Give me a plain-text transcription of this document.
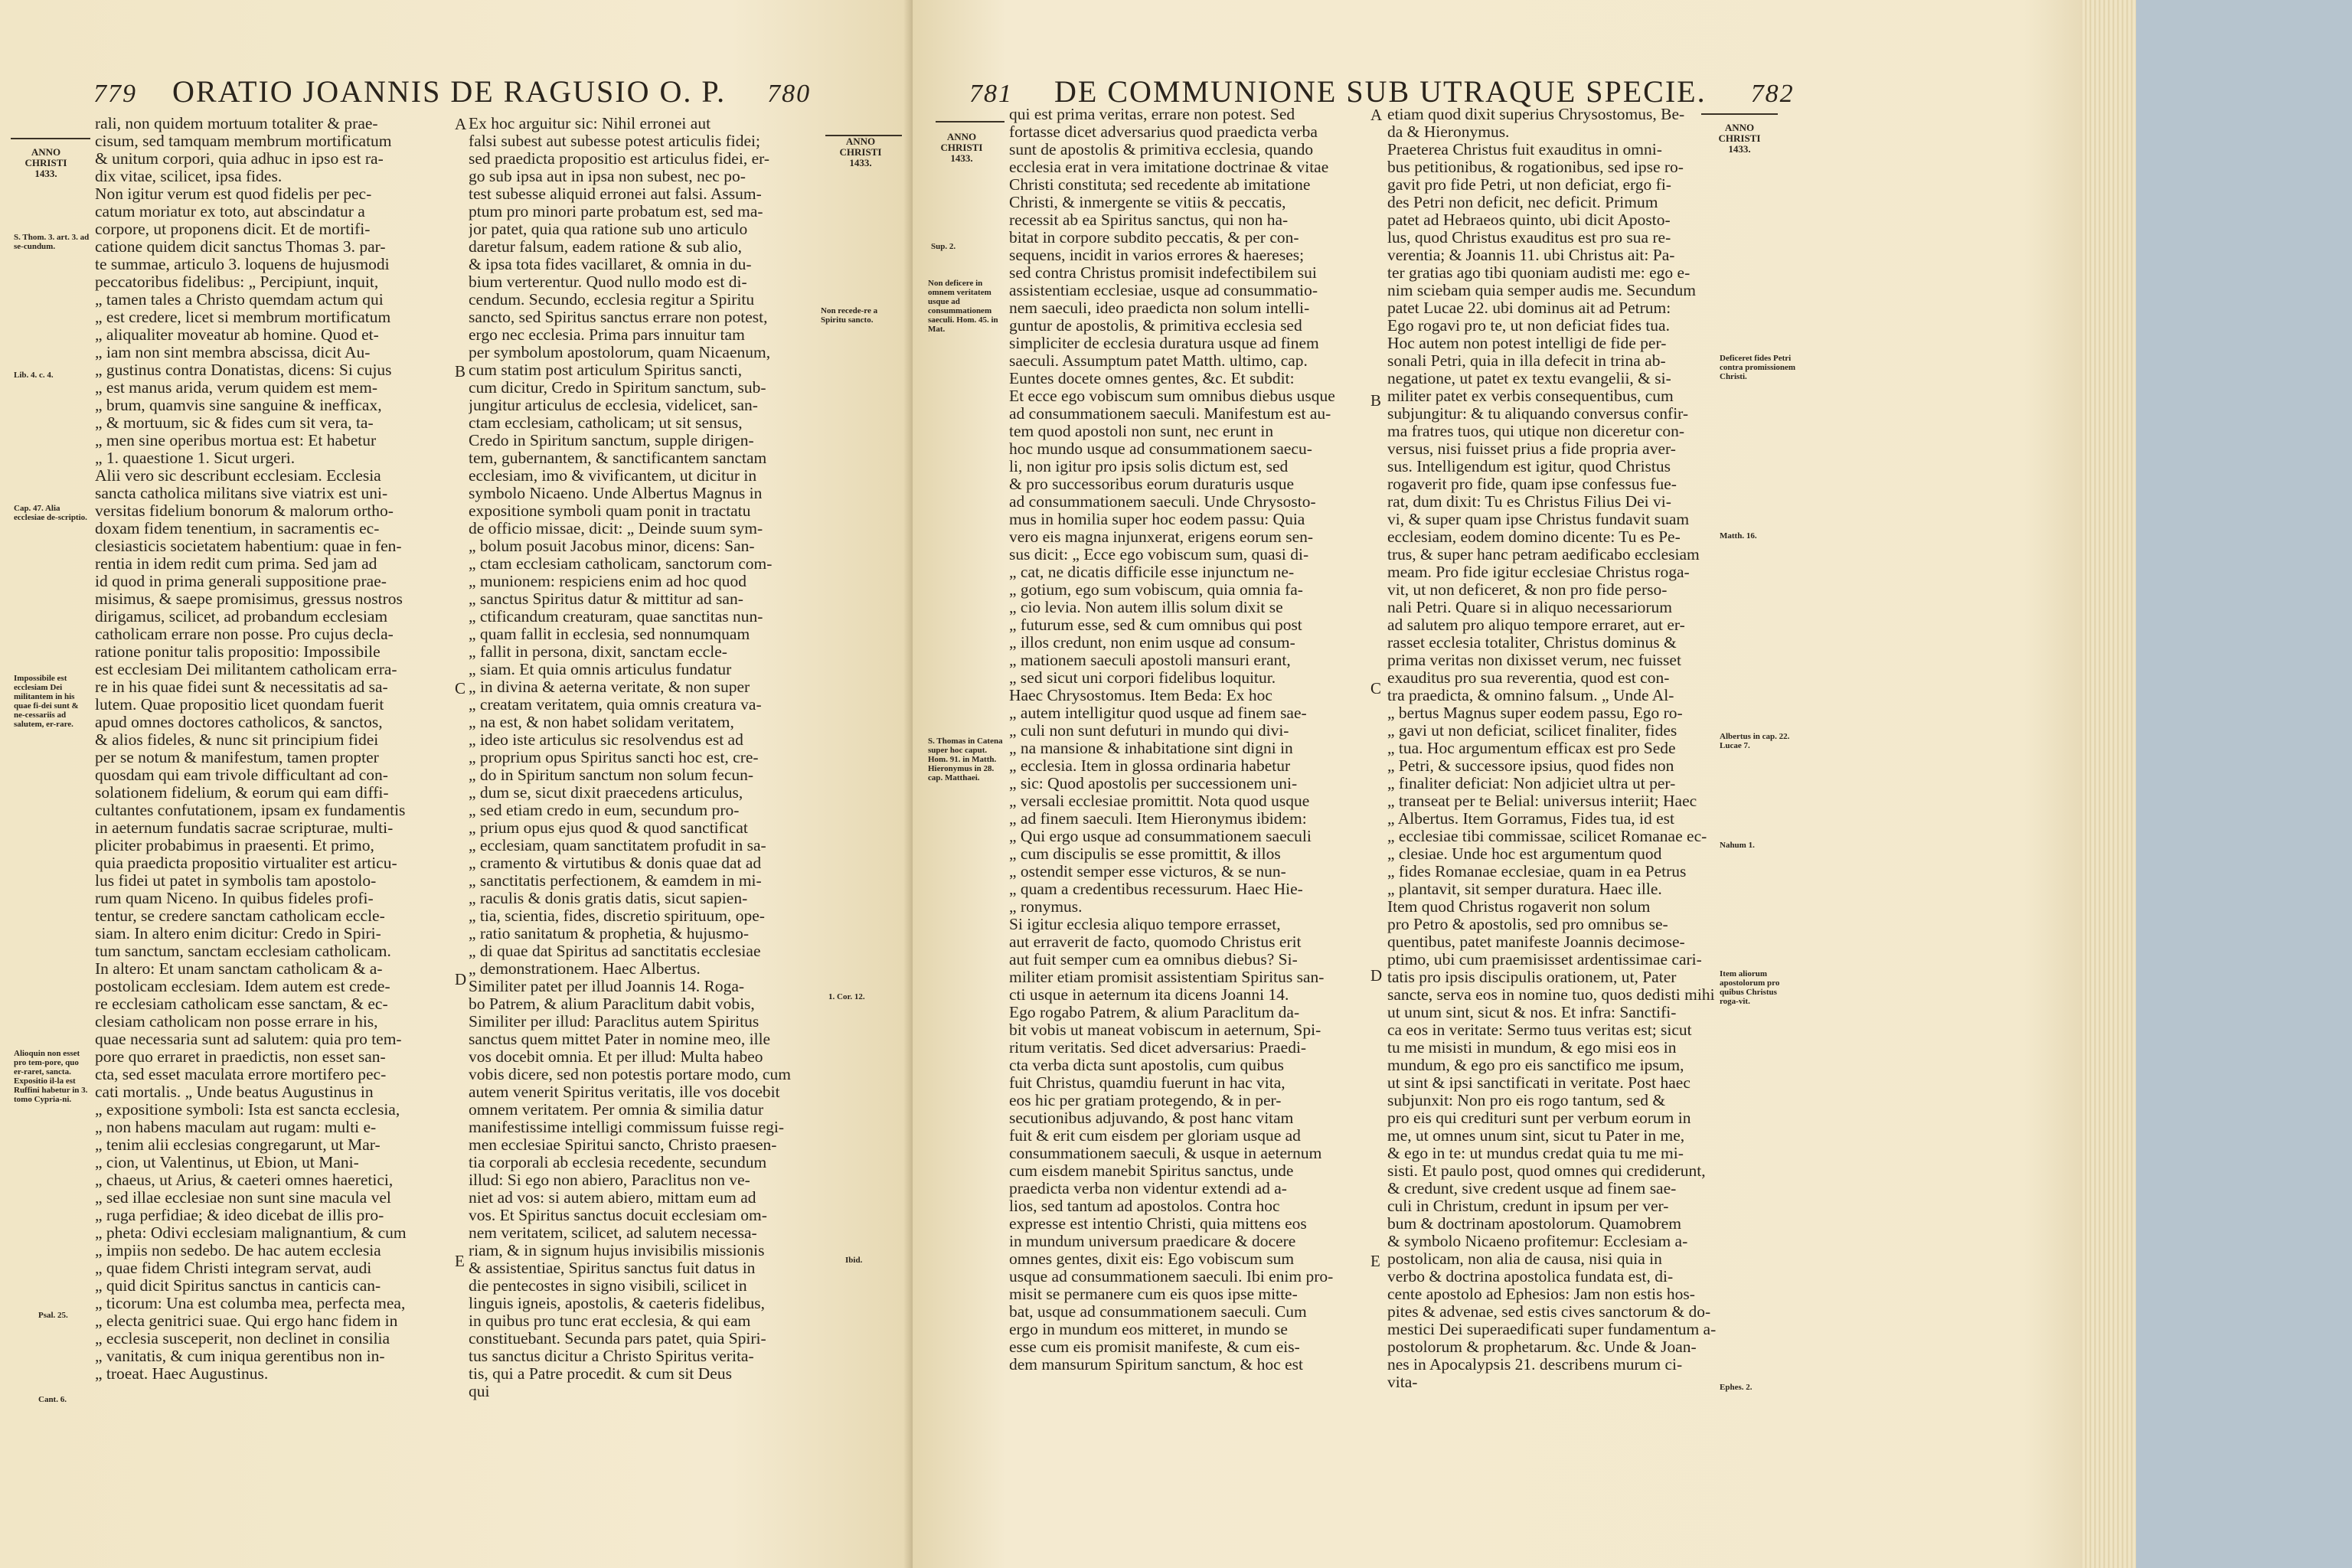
779 ORATIO JOANNIS DE RAGUSIO O. P. 780
ANNO CHRISTI 1433.
ANNO CHRISTI 1433.
S. Thom. 3. art. 3. ad se-cundum.
Lib. 4. c. 4.
Cap. 47. Alia ecclesiae de-scriptio.
Impossibile est ecclesiam Dei militantem in his quae fi-dei sunt & ne-cessariis ad salutem, er-rare.
Alioquin non esset pro tem-pore, quo er-raret, sancta. Expositio il-la est Ruffini habetur in 3. tomo Cypria-ni.
Psal. 25.
Cant. 6.
Non recede-re a Spiritu sancto.
1. Cor. 12.
Ibid.
rali, non quidem mortuum totaliter & prae-
cisum, sed tamquam membrum mortificatum
& unitum corpori, quia adhuc in ipso est ra-
dix vitae, scilicet, ipsa fides.
Non igitur verum est quod fidelis per pec-
catum moriatur ex toto, aut abscindatur a
corpore, ut proponens dicit. Et de mortifi-
catione quidem dicit sanctus Thomas 3. par-
te summae, articulo 3. loquens de hujusmodi
peccatoribus fidelibus: „ Percipiunt, inquit,
„ tamen tales a Christo quemdam actum qui
„ est credere, licet si membrum mortificatum
„ aliqualiter moveatur ab homine. Quod et-
„ iam non sint membra abscissa, dicit Au-
„ gustinus contra Donatistas, dicens: Si cujus
„ est manus arida, verum quidem est mem-
„ brum, quamvis sine sanguine & inefficax,
„ & mortuum, sic & fides cum sit vera, ta-
„ men sine operibus mortua est: Et habetur
„ 1. quaestione 1. Sicut urgeri.
Alii vero sic describunt ecclesiam. Ecclesia
sancta catholica militans sive viatrix est uni-
versitas fidelium bonorum & malorum ortho-
doxam fidem tenentium, in sacramentis ec-
clesiasticis societatem habentium: quae in fen-
rentia in idem redit cum prima. Sed jam ad
id quod in prima generali suppositione prae-
misimus, & saepe promisimus, gressus nostros
dirigamus, scilicet, ad probandum ecclesiam
catholicam errare non posse. Pro cujus decla-
ratione ponitur talis propositio: Impossibile
est ecclesiam Dei militantem catholicam erra-
re in his quae fidei sunt & necessitatis ad sa-
lutem. Quae propositio licet quondam fuerit
apud omnes doctores catholicos, & sanctos,
& alios fideles, & nunc sit principium fidei
per se notum & manifestum, tamen propter
quosdam qui eam trivole difficultant ad con-
solationem fidelium, & eorum qui eam diffi-
cultantes confutationem, ipsam ex fundamentis
in aeternum fundatis sacrae scripturae, multi-
pliciter probabimus in praesenti. Et primo,
quia praedicta propositio virtualiter est articu-
lus fidei ut patet in symbolis tam apostolo-
rum quam Niceno. In quibus fideles profi-
tentur, se credere sanctam catholicam eccle-
siam. In altero enim dicitur: Credo in Spiri-
tum sanctum, sanctam ecclesiam catholicam.
In altero: Et unam sanctam catholicam & a-
postolicam ecclesiam. Idem autem est crede-
re ecclesiam catholicam esse sanctam, & ec-
clesiam catholicam non posse errare in his,
quae necessaria sunt ad salutem: quia pro tem-
pore quo erraret in praedictis, non esset san-
cta, sed esset maculata errore mortifero pec-
cati mortalis. „ Unde beatus Augustinus in
„ expositione symboli: Ista est sancta ecclesia,
„ non habens maculam aut rugam: multi e-
„ tenim alii ecclesias congregarunt, ut Mar-
„ cion, ut Valentinus, ut Ebion, ut Mani-
„ chaeus, ut Arius, & caeteri omnes haeretici,
„ sed illae ecclesiae non sunt sine macula vel
„ ruga perfidiae; & ideo dicebat de illis pro-
„ pheta: Odivi ecclesiam malignantium, & cum
„ impiis non sedebo. De hac autem ecclesia
„ quae fidem Christi integram servat, audi
„ quid dicit Spiritus sanctus in canticis can-
„ ticorum: Una est columba mea, perfecta mea,
„ electa genitrici suae. Qui ergo hanc fidem in
„ ecclesia susceperit, non declinet in consilia
„ vanitatis, & cum iniqua gerentibus non in-
„ troeat. Haec Augustinus.
Ex hoc arguitur sic: Nihil erronei aut
falsi subest aut subesse potest articulis fidei;
sed praedicta propositio est articulus fidei, er-
go sub ipsa aut in ipsa non subest, nec po-
test subesse aliquid erronei aut falsi. Assum-
ptum pro minori parte probatum est, sed ma-
jor patet, quia qua ratione sub uno articulo
daretur falsum, eadem ratione & sub alio,
& ipsa tota fides vacillaret, & omnia in du-
bium verterentur. Quod nullo modo est di-
cendum. Secundo, ecclesia regitur a Spiritu
sancto, sed Spiritus sanctus errare non potest,
ergo nec ecclesia. Prima pars innuitur tam
per symbolum apostolorum, quam Nicaenum,
cum statim post articulum Spiritus sancti,
cum dicitur, Credo in Spiritum sanctum, sub-
jungitur articulus de ecclesia, videlicet, san-
ctam ecclesiam, catholicam; ut sit sensus,
Credo in Spiritum sanctum, supple dirigen-
tem, gubernantem, & sanctificantem sanctam
ecclesiam, imo & vivificantem, ut dicitur in
symbolo Nicaeno. Unde Albertus Magnus in
expositione symboli quam ponit in tractatu
de officio missae, dicit: „ Deinde suum sym-
„ bolum posuit Jacobus minor, dicens: San-
„ ctam ecclesiam catholicam, sanctorum com-
„ munionem: respiciens enim ad hoc quod
„ sanctus Spiritus datur & mittitur ad san-
„ ctificandum creaturam, quae sanctitas nun-
„ quam fallit in ecclesia, sed nonnumquam
„ fallit in persona, dixit, sanctam eccle-
„ siam. Et quia omnis articulus fundatur
„ in divina & aeterna veritate, & non super
„ creatam veritatem, quia omnis creatura va-
„ na est, & non habet solidam veritatem,
„ ideo iste articulus sic resolvendus est ad
„ proprium opus Spiritus sancti hoc est, cre-
„ do in Spiritum sanctum non solum fecun-
„ dum se, sicut dixit praecedens articulus,
„ sed etiam credo in eum, secundum pro-
„ prium opus ejus quod & quod sanctificat
„ ecclesiam, quam sanctitatem profudit in sa-
„ cramento & virtutibus & donis quae dat ad
„ sanctitatis perfectionem, & eamdem in mi-
„ raculis & donis gratis datis, sicut sapien-
„ tia, scientia, fides, discretio spirituum, ope-
„ ratio sanitatum & prophetia, & hujusmo-
„ di quae dat Spiritus ad sanctitatis ecclesiae
„ demonstrationem. Haec Albertus.
Similiter patet per illud Joannis 14. Roga-
bo Patrem, & alium Paraclitum dabit vobis,
Similiter per illud: Paraclitus autem Spiritus
sanctus quem mittet Pater in nomine meo, ille
vos docebit omnia. Et per illud: Multa habeo
vobis dicere, sed non potestis portare modo, cum
autem venerit Spiritus veritatis, ille vos docebit
omnem veritatem. Per omnia & similia datur
manifestissime intelligi commissum fuisse regi-
men ecclesiae Spiritui sancto, Christo praesen-
tia corporali ab ecclesia recedente, secundum
illud: Si ego non abiero, Paraclitus non ve-
niet ad vos: si autem abiero, mittam eum ad
vos. Et Spiritus sanctus docuit ecclesiam om-
nem veritatem, scilicet, ad salutem necessa-
riam, & in signum hujus invisibilis missionis
& assistentiae, Spiritus sanctus fuit datus in
die pentecostes in signo visibili, scilicet in
linguis igneis, apostolis, & caeteris fidelibus,
in quibus pro tunc erat ecclesia, & qui eam
constituebant. Secunda pars patet, quia Spiri-
tus sanctus dicitur a Christo Spiritus verita-
tis, qui a Patre procedit. & cum sit Deus
qui
A
B
C
D
E
781 DE COMMUNIONE SUB UTRAQUE SPECIE. 782
ANNO CHRISTI 1433.
ANNO CHRISTI 1433.
Sup. 2.
Non deficere in omnem veritatem usque ad consummationem saeculi. Hom. 45. in Mat.
S. Thomas in Catena super hoc caput. Hom. 91. in Matth. Hieronymus in 28. cap. Matthaei.
Deficeret fides Petri contra promissionem Christi.
Matth. 16.
Albertus in cap. 22. Lucae 7.
Nahum 1.
Item aliorum apostolorum pro quibus Christus roga-vit.
Ephes. 2.
qui est prima veritas, errare non potest. Sed
fortasse dicet adversarius quod praedicta verba
sunt de apostolis & primitiva ecclesia, quando
ecclesia erat in vera imitatione doctrinae & vitae
Christi constituta; sed recedente ab imitatione
Christi, & inmergente se vitiis & peccatis,
recessit ab ea Spiritus sanctus, qui non ha-
bitat in corpore subdito peccatis, & per con-
sequens, incidit in varios errores & haereses;
sed contra Christus promisit indefectibilem sui
assistentiam ecclesiae, usque ad consummatio-
nem saeculi, ideo praedicta non solum intelli-
guntur de apostolis, & primitiva ecclesia sed
simpliciter de ecclesia duratura usque ad finem
saeculi. Assumptum patet Matth. ultimo, cap.
Euntes docete omnes gentes, &c. Et subdit:
Et ecce ego vobiscum sum omnibus diebus usque
ad consummationem saeculi. Manifestum est au-
tem quod apostoli non sunt, nec erunt in
hoc mundo usque ad consummationem saecu-
li, non igitur pro ipsis solis dictum est, sed
& pro successoribus eorum duraturis usque
ad consummationem saeculi. Unde Chrysosto-
mus in homilia super hoc eodem passu: Quia
vero eis magna injunxerat, erigens eorum sen-
sus dicit: „ Ecce ego vobiscum sum, quasi di-
„ cat, ne dicatis difficile esse injunctum ne-
„ gotium, ego sum vobiscum, quia omnia fa-
„ cio levia. Non autem illis solum dixit se
„ futurum esse, sed & cum omnibus qui post
„ illos credunt, non enim usque ad consum-
„ mationem saeculi apostoli mansuri erant,
„ sed sicut uni corpori fidelibus loquitur.
Haec Chrysostomus. Item Beda: Ex hoc
„ autem intelligitur quod usque ad finem sae-
„ culi non sunt defuturi in mundo qui divi-
„ na mansione & inhabitatione sint digni in
„ ecclesia. Item in glossa ordinaria habetur
„ sic: Quod apostolis per successionem uni-
„ versali ecclesiae promittit. Nota quod usque
„ ad finem saeculi. Item Hieronymus ibidem:
„ Qui ergo usque ad consummationem saeculi
„ cum discipulis se esse promittit, & illos
„ ostendit semper esse victuros, & se nun-
„ quam a credentibus recessurum. Haec Hie-
„ ronymus.
Si igitur ecclesia aliquo tempore errasset,
aut erraverit de facto, quomodo Christus erit
aut fuit semper cum ea omnibus diebus? Si-
militer etiam promisit assistentiam Spiritus san-
cti usque in aeternum ita dicens Joanni 14.
Ego rogabo Patrem, & alium Paraclitum da-
bit vobis ut maneat vobiscum in aeternum, Spi-
ritum veritatis. Sed dicet adversarius: Praedi-
cta verba dicta sunt apostolis, cum quibus
fuit Christus, quamdiu fuerunt in hac vita,
eos hic per gratiam protegendo, & in per-
secutionibus adjuvando, & post hanc vitam
fuit & erit cum eisdem per gloriam usque ad
consummationem saeculi, & usque in aeternum
cum eisdem manebit Spiritus sanctus, unde
praedicta verba non videntur extendi ad a-
lios, sed tantum ad apostolos. Contra hoc
expresse est intentio Christi, quia mittens eos
in mundum universum praedicare & docere
omnes gentes, dixit eis: Ego vobiscum sum
usque ad consummationem saeculi. Ibi enim pro-
misit se permanere cum eis quos ipse mitte-
bat, usque ad consummationem saeculi. Cum
ergo in mundum eos mitteret, in mundo se
esse cum eis promisit manifeste, & cum eis-
dem mansurum Spiritum sanctum, & hoc est
etiam quod dixit superius Chrysostomus, Be-
da & Hieronymus.
Praeterea Christus fuit exauditus in omni-
bus petitionibus, & rogationibus, sed ipse ro-
gavit pro fide Petri, ut non deficiat, ergo fi-
des Petri non deficit, nec deficit. Primum
patet ad Hebraeos quinto, ubi dicit Aposto-
lus, quod Christus exauditus est pro sua re-
verentia; & Joannis 11. ubi Christus ait: Pa-
ter gratias ago tibi quoniam audisti me: ego e-
nim sciebam quia semper audis me. Secundum
patet Lucae 22. ubi dominus ait ad Petrum:
Ego rogavi pro te, ut non deficiat fides tua.
Hoc autem non potest intelligi de fide per-
sonali Petri, quia in illa defecit in trina ab-
negatione, ut patet ex textu evangelii, & si-
militer patet ex verbis consequentibus, cum
subjungitur: & tu aliquando conversus confir-
ma fratres tuos, qui utique non diceretur con-
versus, nisi fuisset prius a fide propria aver-
sus. Intelligendum est igitur, quod Christus
rogaverit pro fide, quam ipse confessus fue-
rat, dum dixit: Tu es Christus Filius Dei vi-
vi, & super quam ipse Christus fundavit suam
ecclesiam, eodem domino dicente: Tu es Pe-
trus, & super hanc petram aedificabo ecclesiam
meam. Pro fide igitur ecclesiae Christus roga-
vit, ut non deficeret, & non pro fide perso-
nali Petri. Quare si in aliquo necessariorum
ad salutem pro aliquo tempore erraret, aut er-
rasset ecclesia totaliter, Christus dominus &
prima veritas non dixisset verum, nec fuisset
exauditus pro sua reverentia, quod est con-
tra praedicta, & omnino falsum. „ Unde Al-
„ bertus Magnus super eodem passu, Ego ro-
„ gavi ut non deficiat, scilicet finaliter, fides
„ tua. Hoc argumentum efficax est pro Sede
„ Petri, & successore ipsius, quod fides non
„ finaliter deficiat: Non adjiciet ultra ut per-
„ transeat per te Belial: universus interiit; Haec
„ Albertus. Item Gorramus, Fides tua, id est
„ ecclesiae tibi commissae, scilicet Romanae ec-
„ clesiae. Unde hoc est argumentum quod
„ fides Romanae ecclesiae, quam in ea Petrus
„ plantavit, sit semper duratura. Haec ille.
Item quod Christus rogaverit non solum
pro Petro & apostolis, sed pro omnibus se-
quentibus, patet manifeste Joannis decimose-
ptimo, ubi cum praemisisset ardentissimae cari-
tatis pro ipsis discipulis orationem, ut, Pater
sancte, serva eos in nomine tuo, quos dedisti mihi
ut unum sint, sicut & nos. Et infra: Sanctifi-
ca eos in veritate: Sermo tuus veritas est; sicut
tu me misisti in mundum, & ego misi eos in
mundum, & ego pro eis sanctifico me ipsum,
ut sint & ipsi sanctificati in veritate. Post haec
subjunxit: Non pro eis rogo tantum, sed &
pro eis qui credituri sunt per verbum eorum in
me, ut omnes unum sint, sicut tu Pater in me,
& ego in te: ut mundus credat quia tu me mi-
sisti. Et paulo post, quod omnes qui crediderunt,
& credunt, sive credent usque ad finem sae-
culi in Christum, credunt in ipsum per ver-
bum & doctrinam apostolorum. Quamobrem
& symbolo Nicaeno profitemur: Ecclesiam a-
postolicam, non alia de causa, nisi quia in
verbo & doctrina apostolica fundata est, di-
cente apostolo ad Ephesios: Jam non estis hos-
pites & advenae, sed estis cives sanctorum & do-
mestici Dei superaedificati super fundamentum a-
postolorum & prophetarum. &c. Unde & Joan-
nes in Apocalypsis 21. describens murum ci-
vita-
A
B
C
D
E
